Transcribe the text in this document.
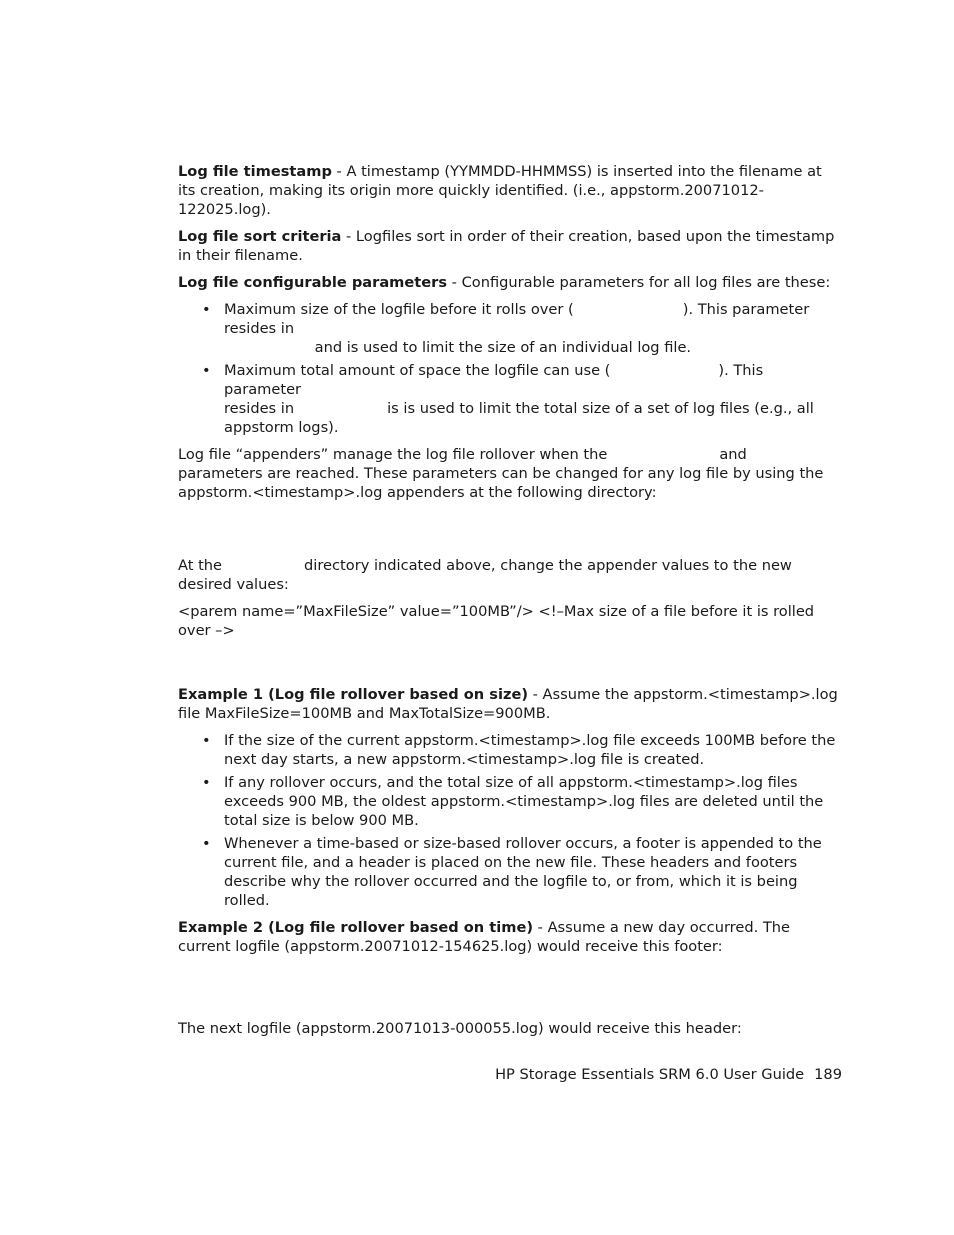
Log file timestamp - A timestamp (YYMMDD-HHMMSS) is inserted into the filename at its creation, making its origin more quickly identified. (i.e., appstorm.20071012-122025.log).

Log file sort criteria - Logfiles sort in order of their creation, based upon the timestamp in their filename.

Log file configurable parameters - Configurable parameters for all log files are these:

• Maximum size of the logfile before it rolls over (	). This parameter resides in
and is used to limit the size of an individual log file.
• Maximum total amount of space the logfile can use (	). This parameter
resides in	is is used to limit the total size of a set of log files (e.g., all appstorm logs).

Log file “appenders” manage the log file rollover when the	and
parameters are reached. These parameters can be changed for any log file by using the appstorm.<timestamp>.log appenders at the following directory:

At the	directory indicated above, change the appender values to the new desired values:

<parem name=”MaxFileSize” value=”100MB”/> <!–Max size of a file before it is rolled over –>

Example 1 (Log file rollover based on size) - Assume the appstorm.<timestamp>.log file MaxFileSize=100MB and MaxTotalSize=900MB.

• If the size of the current appstorm.<timestamp>.log file exceeds 100MB before the next day starts, a new appstorm.<timestamp>.log file is created.
• If any rollover occurs, and the total size of all appstorm.<timestamp>.log files exceeds 900 MB, the oldest appstorm.<timestamp>.log files are deleted until the total size is below 900 MB.
• Whenever a time-based or size-based rollover occurs, a footer is appended to the current file, and a header is placed on the new file. These headers and footers describe why the rollover occurred and the logfile to, or from, which it is being rolled.

Example 2 (Log file rollover based on time) - Assume a new day occurred. The current logfile (appstorm.20071012-154625.log) would receive this footer:

The next logfile (appstorm.20071013-000055.log) would receive this header:

HP Storage Essentials SRM 6.0 User Guide 189
